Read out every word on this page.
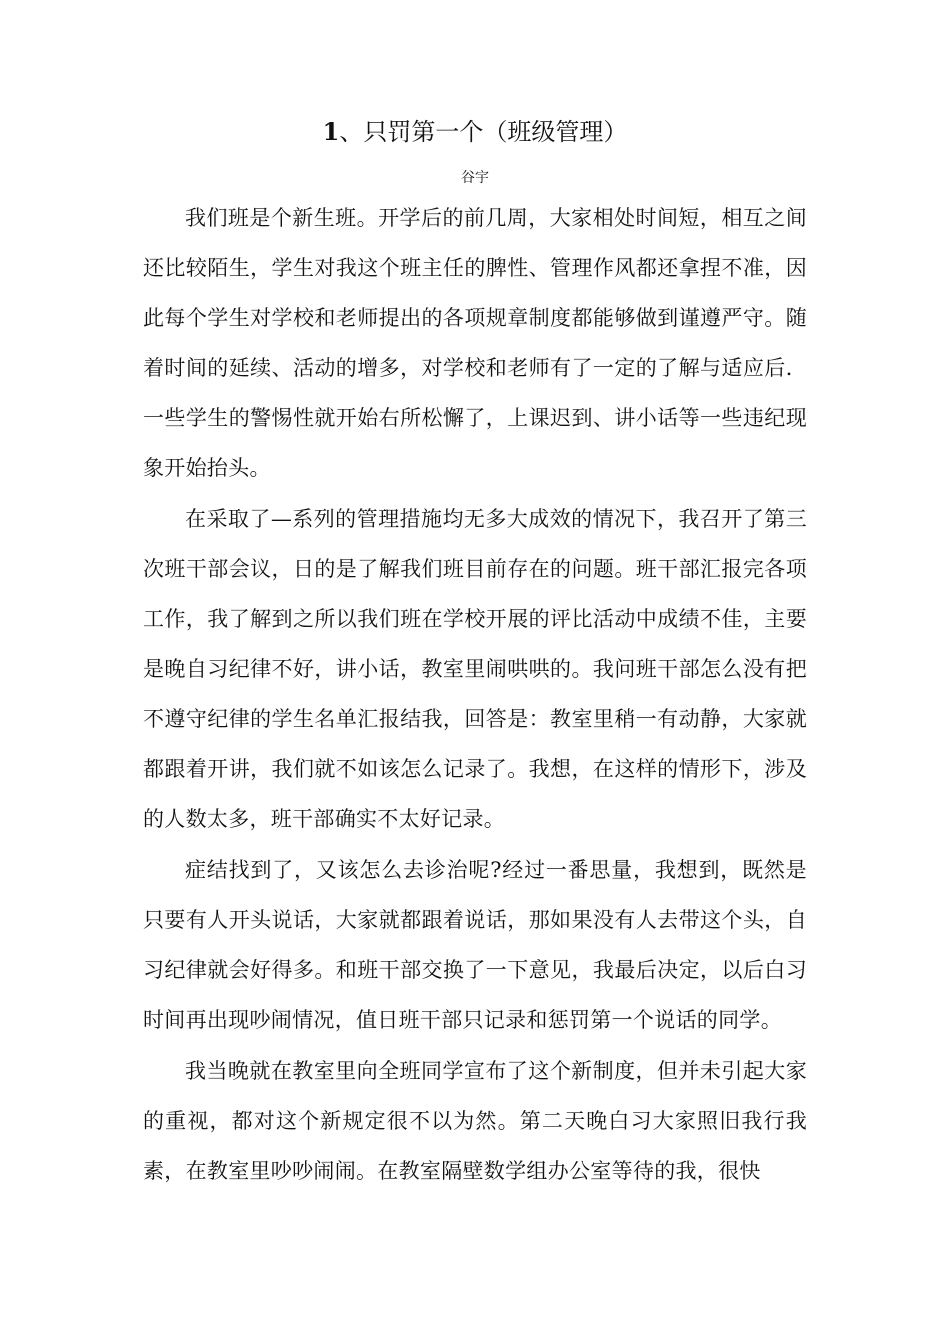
1、只罚第一个（班级管理）
谷宇

我们班是个新生班。开学后的前几周，大家相处时间短，相互之间还比较陌生，学生对我这个班主任的脾性、管理作风都还拿捏不准，因此每个学生对学校和老师提出的各项规章制度都能够做到谨遵严守。随着时间的延续、活动的增多，对学校和老师有了一定的了解与适应后．一些学生的警惕性就开始右所松懈了，上课迟到、讲小话等一些违纪现象开始抬头。

在采取了—系列的管理措施均无多大成效的情况下，我召开了第三次班干部会议，日的是了解我们班目前存在的问题。班干部汇报完各项工作，我了解到之所以我们班在学校开展的评比活动中成绩不佳，主要是晚自习纪律不好，讲小话，教室里闹哄哄的。我问班干部怎么没有把不遵守纪律的学生名单汇报结我，回答是：教室里稍一有动静，大家就都跟着开讲，我们就不如该怎么记录了。我想，在这样的情形下，涉及的人数太多，班干部确实不太好记录。

症结找到了，又该怎么去诊治呢?经过一番思量，我想到，既然是只要有人开头说话，大家就都跟着说话，那如果没有人去带这个头，自习纪律就会好得多。和班干部交换了一下意见，我最后决定，以后白习时间再出现吵闹情况，值日班干部只记录和惩罚第一个说话的同学。

我当晚就在教室里向全班同学宣布了这个新制度，但并未引起大家的重视，都对这个新规定很不以为然。第二天晚白习大家照旧我行我素，在教室里吵吵闹闹。在教室隔壁数学组办公室等待的我，很快
